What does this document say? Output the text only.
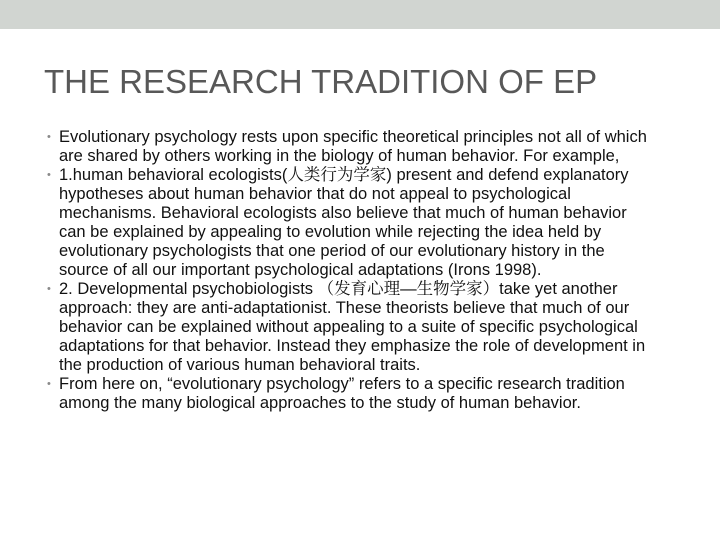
THE RESEARCH TRADITION OF EP
• Evolutionary psychology rests upon specific theoretical principles not all of which are shared by others working in the biology of human behavior. For example,
• 1.human behavioral ecologists(人类行为学家) present and defend explanatory hypotheses about human behavior that do not appeal to psychological mechanisms. Behavioral ecologists also believe that much of human behavior can be explained by appealing to evolution while rejecting the idea held by evolutionary psychologists that one period of our evolutionary history in the source of all our important psychological adaptations (Irons 1998).
• 2. Developmental psychobiologists （发育心理—生物学家）take yet another approach: they are anti-adaptationist. These theorists believe that much of our behavior can be explained without appealing to a suite of specific psychological adaptations for that behavior. Instead they emphasize the role of development in the production of various human behavioral traits.
• From here on, “evolutionary psychology” refers to a specific research tradition among the many biological approaches to the study of human behavior.
